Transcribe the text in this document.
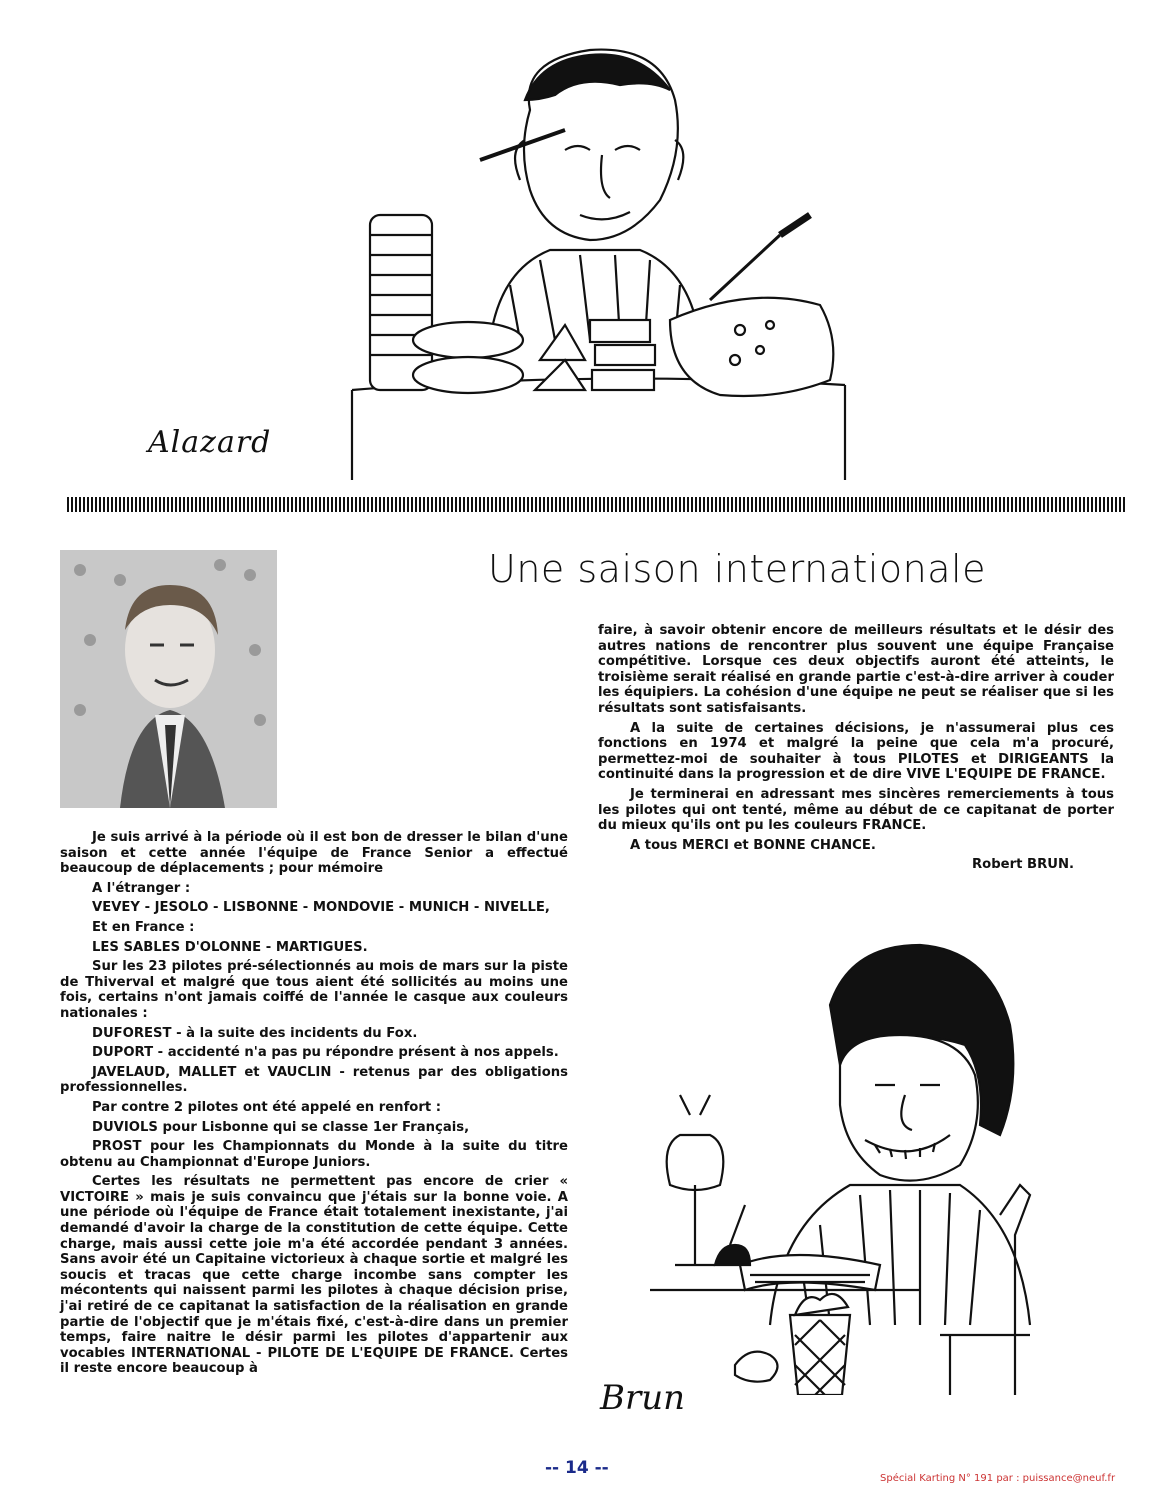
Alazard
Une saison internationale

Je suis arrivé à la période où il est bon de dresser le bilan d'une saison et cette année l'équipe de France Senior a effectué beaucoup de déplacements ; pour mémoire

A l'étranger :

VEVEY - JESOLO - LISBONNE - MONDOVIE - MUNICH - NIVELLE,

Et en France :

LES SABLES D'OLONNE - MARTIGUES.

Sur les 23 pilotes pré-sélectionnés au mois de mars sur la piste de Thiverval et malgré que tous aient été sollicités au moins une fois, certains n'ont jamais coiffé de l'année le casque aux couleurs nationales :

DUFOREST - à la suite des incidents du Fox.

DUPORT - accidenté n'a pas pu répondre présent à nos appels.

JAVELAUD, MALLET et VAUCLIN - retenus par des obligations professionnelles.

Par contre 2 pilotes ont été appelé en renfort :

DUVIOLS pour Lisbonne qui se classe 1er Français,

PROST pour les Championnats du Monde à la suite du titre obtenu au Championnat d'Europe Juniors.

Certes les résultats ne permettent pas encore de crier « VICTOIRE » mais je suis convaincu que j'étais sur la bonne voie. A une période où l'équipe de France était totalement inexistante, j'ai demandé d'avoir la charge de la constitution de cette équipe. Cette charge, mais aussi cette joie m'a été accordée pendant 3 années. Sans avoir été un Capitaine victorieux à chaque sortie et malgré les soucis et tracas que cette charge incombe sans compter les mécontents qui naissent parmi les pilotes à chaque décision prise, j'ai retiré de ce capitanat la satisfaction de la réalisation en grande partie de l'objectif que je m'étais fixé, c'est-à-dire dans un premier temps, faire naitre le désir parmi les pilotes d'appartenir aux vocables INTERNATIONAL - PILOTE DE L'EQUIPE DE FRANCE. Certes il reste encore beaucoup à

faire, à savoir obtenir encore de meilleurs résultats et le désir des autres nations de rencontrer plus souvent une équipe Française compétitive. Lorsque ces deux objectifs auront été atteints, le troisième serait réalisé en grande partie c'est-à-dire arriver à couder les équipiers. La cohésion d'une équipe ne peut se réaliser que si les résultats sont satisfaisants.

A la suite de certaines décisions, je n'assumerai plus ces fonctions en 1974 et malgré la peine que cela m'a procuré, permettez-moi de souhaiter à tous PILOTES et DIRIGEANTS la continuité dans la progression et de dire VIVE L'EQUIPE DE FRANCE.

Je terminerai en adressant mes sincères remerciements à tous les pilotes qui ont tenté, même au début de ce capitanat de porter du mieux qu'ils ont pu les couleurs FRANCE.

A tous MERCI et BONNE CHANCE.

Robert BRUN.

Brun
-- 14 --
Spécial Karting N° 191 par : puissance@neuf.fr
